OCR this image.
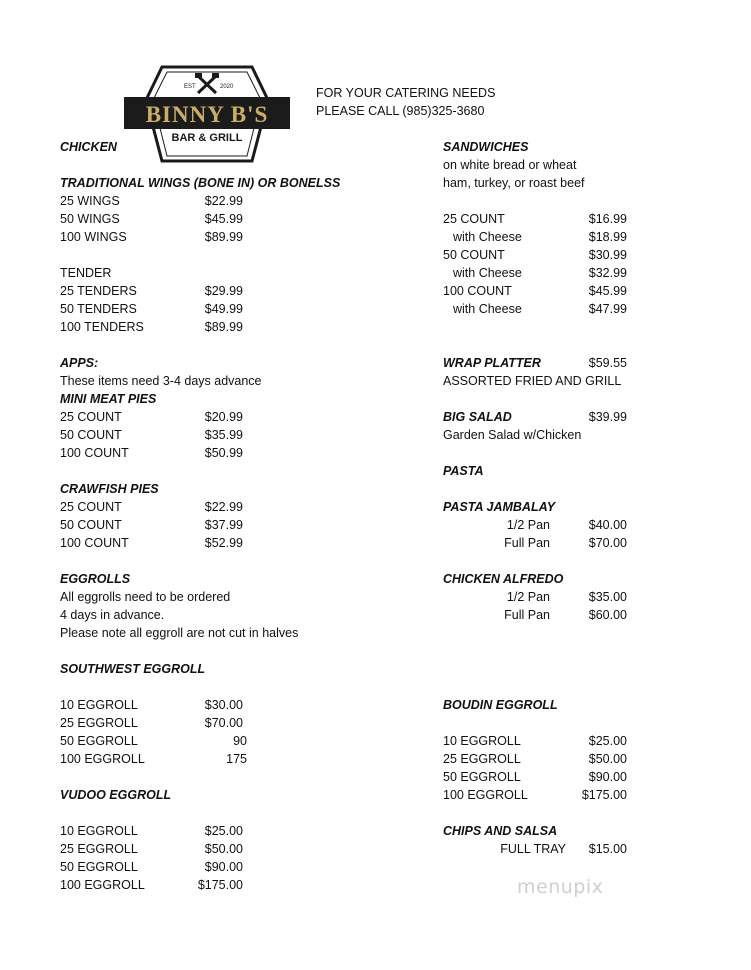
EST	2020
BINNY B'S
BAR & GRILL
FOR YOUR CATERING NEEDS
PLEASE CALL (985)325-3680
CHICKEN
TRADITIONAL WINGS (BONE IN) OR BONELSS
25 WINGS	$22.99
50 WINGS	$45.99
100 WINGS	$89.99
TENDER
25 TENDERS	$29.99
50 TENDERS	$49.99
100 TENDERS	$89.99
APPS:
These items need 3-4 days advance
MINI MEAT PIES
25 COUNT	$20.99
50 COUNT	$35.99
100 COUNT	$50.99
CRAWFISH PIES
25 COUNT	$22.99
50 COUNT	$37.99
100 COUNT	$52.99
EGGROLLS
All eggrolls need to be ordered
4 days in advance.
Please note all eggroll are not cut in halves
SOUTHWEST EGGROLL
10 EGGROLL	$30.00
25 EGGROLL	$70.00
50 EGGROLL	90
100 EGGROLL	175
VUDOO EGGROLL
10 EGGROLL	$25.00
25 EGGROLL	$50.00
50 EGGROLL	$90.00
100 EGGROLL	$175.00
SANDWICHES
on white bread or wheat
ham, turkey, or roast beef
25 COUNT	$16.99
with Cheese	$18.99
50 COUNT	$30.99
with Cheese	$32.99
100 COUNT	$45.99
with Cheese	$47.99
WRAP PLATTER	$59.55
ASSORTED FRIED AND GRILL
BIG SALAD	$39.99
Garden Salad w/Chicken
PASTA
PASTA JAMBALAY
1/2 Pan	$40.00
Full Pan	$70.00
CHICKEN ALFREDO
1/2 Pan	$35.00
Full Pan	$60.00
BOUDIN EGGROLL
10 EGGROLL	$25.00
25 EGGROLL	$50.00
50 EGGROLL	$90.00
100 EGGROLL	$175.00
CHIPS AND SALSA
FULL TRAY	$15.00
menupix
